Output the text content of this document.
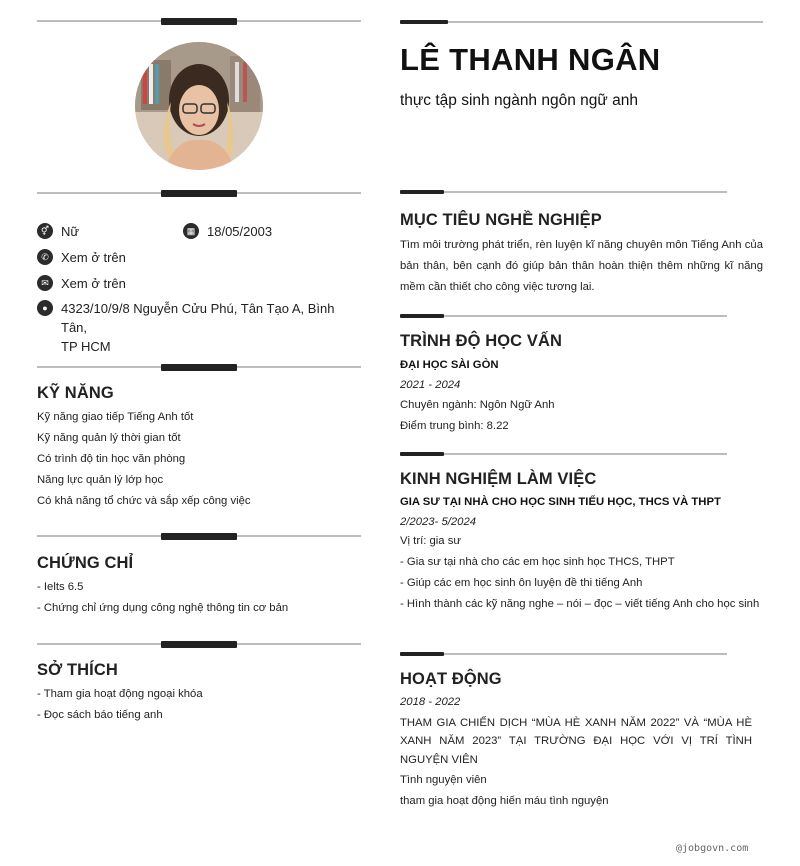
⚥ Nữ	▦ 18/05/2003
✆ Xem ở trên
✉ Xem ở trên
●	4323/10/9/8 Nguyễn Cửu Phú, Tân Tạo A, Bình Tân,
TP HCM
KỸ NĂNG
Kỹ năng giao tiếp Tiếng Anh tốt
Kỹ năng quản lý thời gian tốt
Có trình độ tin học văn phòng
Năng lực quản lý lớp học
Có khả năng tổ chức và sắp xếp công việc
CHỨNG CHỈ
- Ielts 6.5
- Chứng chỉ ứng dụng công nghệ thông tin cơ bản
SỞ THÍCH
- Tham gia hoạt động ngoại khóa
- Đọc sách báo tiếng anh
LÊ THANH NGÂN
thực tập sinh ngành ngôn ngữ anh
MỤC TIÊU NGHỀ NGHIỆP
Tìm môi trường phát triển, rèn luyện kĩ năng chuyên môn Tiếng Anh của bản thân, bên cạnh đó giúp bản thân hoàn thiện thêm những kĩ năng mềm cần thiết cho công việc tương lai.
TRÌNH ĐỘ HỌC VẤN
ĐẠI HỌC SÀI GÒN
2021 - 2024
Chuyên ngành: Ngôn Ngữ Anh
Điểm trung bình: 8.22
KINH NGHIỆM LÀM VIỆC
GIA SƯ TẠI NHÀ CHO HỌC SINH TIỂU HỌC, THCS VÀ THPT
2/2023- 5/2024
Vị trí: gia sư
- Gia sư tại nhà cho các em học sinh học THCS, THPT
- Giúp các em học sinh ôn luyện đề thi tiếng Anh
- Hình thành các kỹ năng nghe – nói – đọc – viết tiếng Anh cho học sinh
HOẠT ĐỘNG
2018 - 2022
THAM GIA CHIẾN DỊCH “MÙA HÈ XANH NĂM 2022” VÀ “MÙA HÈ XANH NĂM 2023” TẠI TRƯỜNG ĐẠI HỌC VỚI VỊ TRÍ TÌNH NGUYỆN VIÊN
Tình nguyện viên
tham gia hoạt động hiến máu tình nguyện
@jobgovn.com
